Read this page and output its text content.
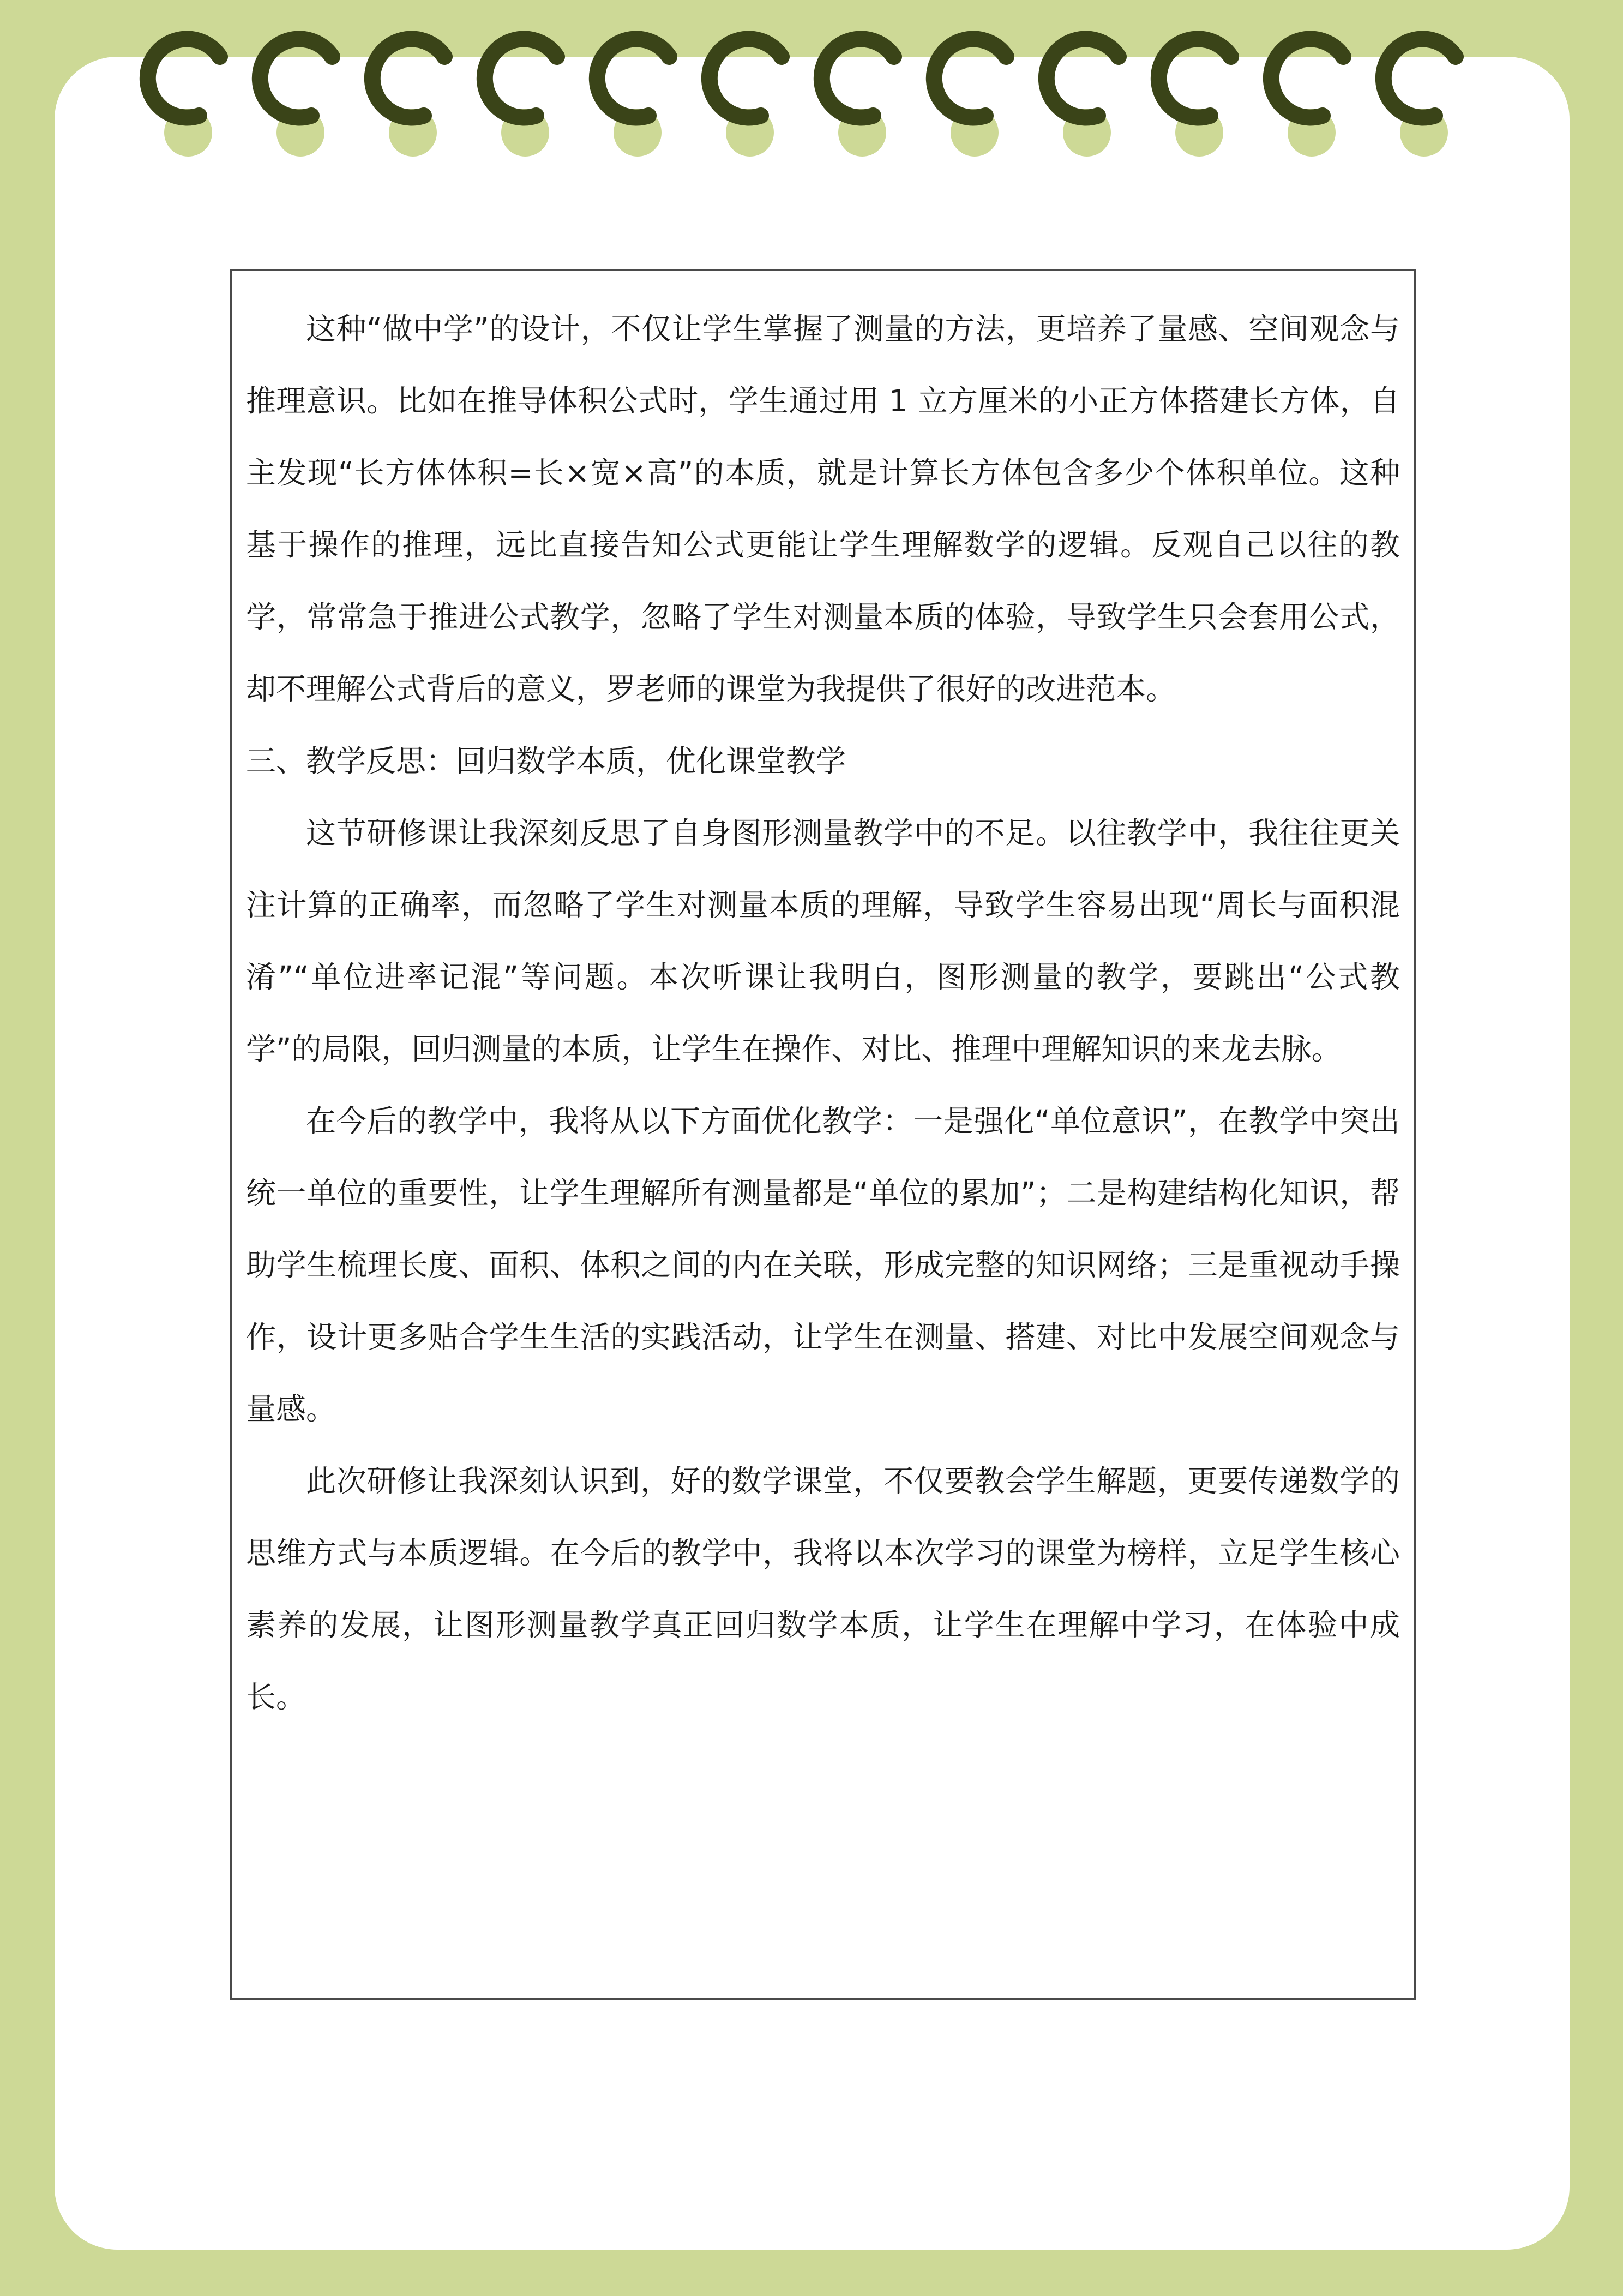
这种“做中学”的设计，不仅让学生掌握了测量的方法，更培养了量感、空间观念与推理意识。比如在推导体积公式时，学生通过用 1 立方厘米的小正方体搭建长方体，自主发现“长方体体积=长×宽×高”的本质，就是计算长方体包含多少个体积单位。这种基于操作的推理，远比直接告知公式更能让学生理解数学的逻辑。反观自己以往的教学，常常急于推进公式教学，忽略了学生对测量本质的体验，导致学生只会套用公式，却不理解公式背后的意义，罗老师的课堂为我提供了很好的改进范本。

三、教学反思：回归数学本质，优化课堂教学

这节研修课让我深刻反思了自身图形测量教学中的不足。以往教学中，我往往更关注计算的正确率，而忽略了学生对测量本质的理解，导致学生容易出现“周长与面积混淆”“单位进率记混”等问题。本次听课让我明白，图形测量的教学，要跳出“公式教学”的局限，回归测量的本质，让学生在操作、对比、推理中理解知识的来龙去脉。

在今后的教学中，我将从以下方面优化教学：一是强化“单位意识”，在教学中突出统一单位的重要性，让学生理解所有测量都是“单位的累加”；二是构建结构化知识，帮助学生梳理长度、面积、体积之间的内在关联，形成完整的知识网络；三是重视动手操作，设计更多贴合学生生活的实践活动，让学生在测量、搭建、对比中发展空间观念与量感。

此次研修让我深刻认识到，好的数学课堂，不仅要教会学生解题，更要传递数学的思维方式与本质逻辑。在今后的教学中，我将以本次学习的课堂为榜样，立足学生核心素养的发展，让图形测量教学真正回归数学本质，让学生在理解中学习，在体验中成长。
